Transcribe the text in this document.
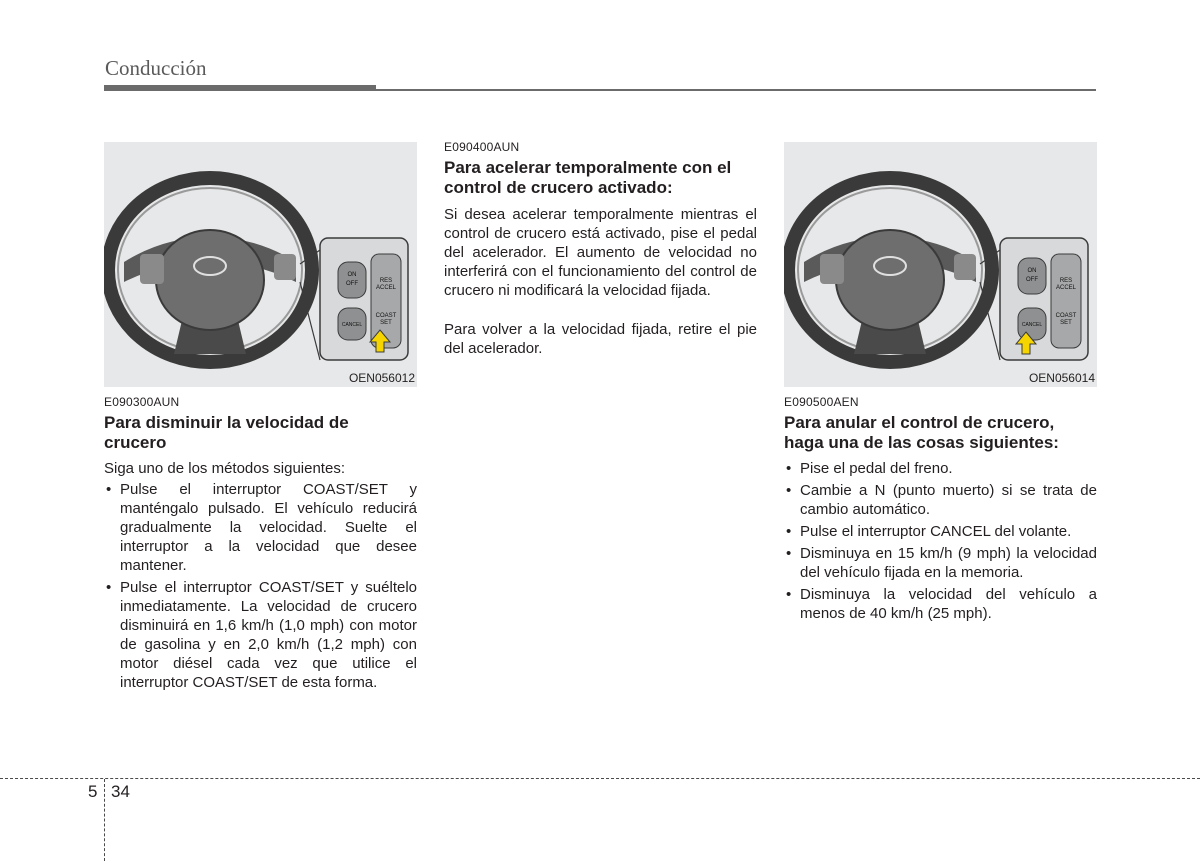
Conducción
ON
OFF
CANCEL
RES
ACCEL
COAST
SET
OEN056012
E090300AUN
Para disminuir la velocidad de crucero

Siga uno de los métodos siguientes:

• Pulse el interruptor COAST/SET y manténgalo pulsado. El vehículo reducirá gradualmente la velocidad. Suelte el interruptor a la velocidad que desee mantener.
• Pulse el interruptor COAST/SET y suéltelo inmediatamente. La velocidad de crucero disminuirá en 1,6 km/h (1,0 mph) con motor de gasolina y en 2,0 km/h (1,2 mph) con motor diésel cada vez que utilice el interruptor COAST/SET de esta forma.
E090400AUN
Para acelerar temporalmente con el control de crucero activado:

Si desea acelerar temporalmente mientras el control de crucero está activado, pise el pedal del acelerador. El aumento de velocidad no interferirá con el funcionamiento del control de crucero ni modificará la velocidad fijada.

Para volver a la velocidad fijada, retire el pie del acelerador.

ON
OFF
CANCEL
RES
ACCEL
COAST
SET
OEN056014
E090500AEN
Para anular el control de crucero, haga una de las cosas siguientes:
• Pise el pedal del freno.
• Cambie a N (punto muerto) si se trata de cambio automático.
• Pulse el interruptor CANCEL del volante.
• Disminuya en 15 km/h (9 mph) la velocidad del vehículo fijada en la memoria.
• Disminuya la velocidad del vehículo a menos de 40 km/h (25 mph).
5 34
